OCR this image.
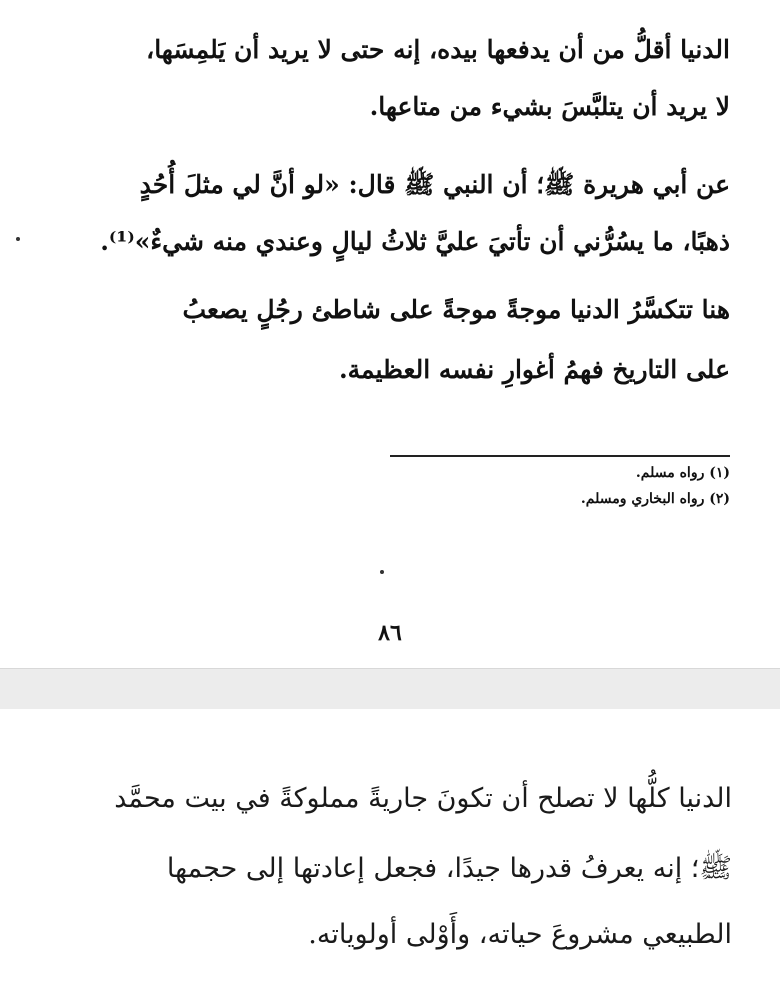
الدنيا أقلُّ من أن يدفعها بيده، إنه حتى لا يريد أن يَلمِسَها،
لا يريد أن يتلبَّسَ بشيء من متاعها.
عن أبي هريرة ﷺ؛ أن النبي ﷺ قال: «لو أنَّ لي مثلَ أُحُدٍ
ذهبًا، ما يسُرُّني أن تأتيَ عليَّ ثلاثُ ليالٍ وعندي منه شيءٌ»⁽¹⁾.
هنا تتكسَّرُ الدنيا موجةً موجةً على شاطئ رجُلٍ يصعبُ
على التاريخ فهمُ أغوارِ نفسه العظيمة.
(١) رواه مسلم.
(٢) رواه البخاري ومسلم.
٨٦
الدنيا كلُّها لا تصلح أن تكونَ جاريةً مملوكةً في بيت محمَّد
ﷺ؛ إنه يعرفُ قدرها جيدًا، فجعل إعادتها إلى حجمها
الطبيعي مشروعَ حياته، وأَوْلى أولوياته.
